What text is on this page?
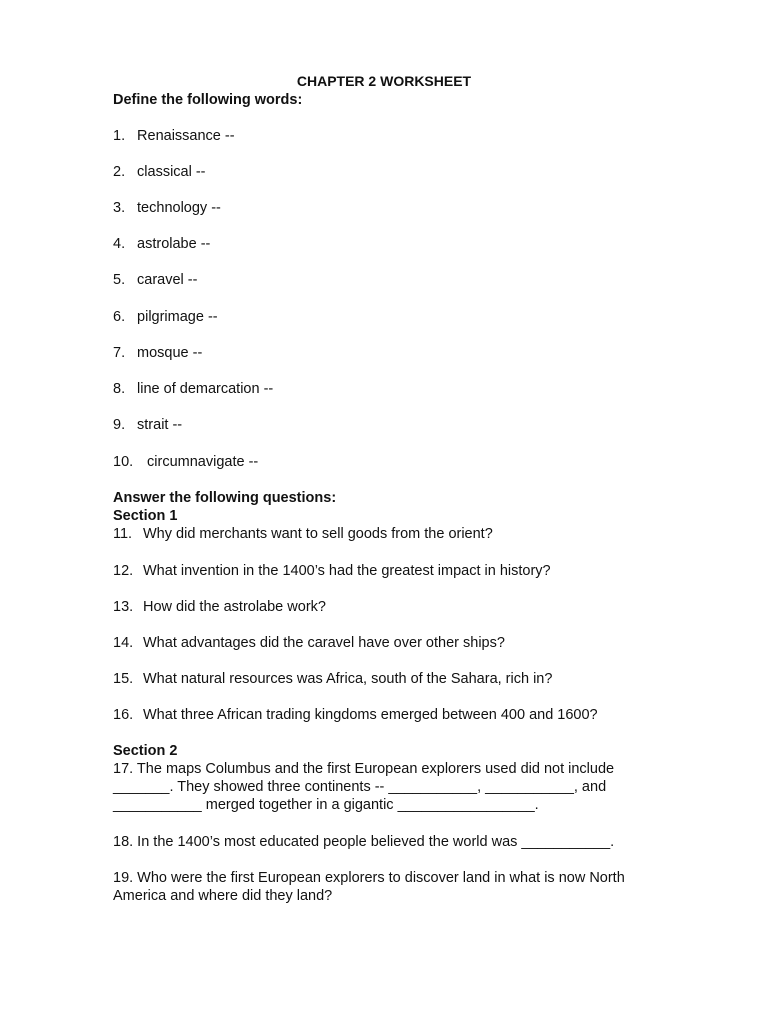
CHAPTER 2 WORKSHEET
Define the following words:
1. Renaissance --
2. classical --
3. technology --
4. astrolabe --
5. caravel --
6. pilgrimage --
7. mosque --
8. line of demarcation --
9. strait --
10. circumnavigate --
Answer the following questions:
Section 1
11. Why did merchants want to sell goods from the orient?
12. What invention in the 1400’s had the greatest impact in history?
13. How did the astrolabe work?
14. What advantages did the caravel have over other ships?
15. What natural resources was Africa, south of the Sahara, rich in?
16. What three African trading kingdoms emerged between 400 and 1600?
Section 2
17. The maps Columbus and the first European explorers used did not include
_______. They showed three continents -- ___________, ___________, and
___________ merged together in a gigantic _________________.
18. In the 1400’s most educated people believed the world was ___________.
19. Who were the first European explorers to discover land in what is now North
America and where did they land?
